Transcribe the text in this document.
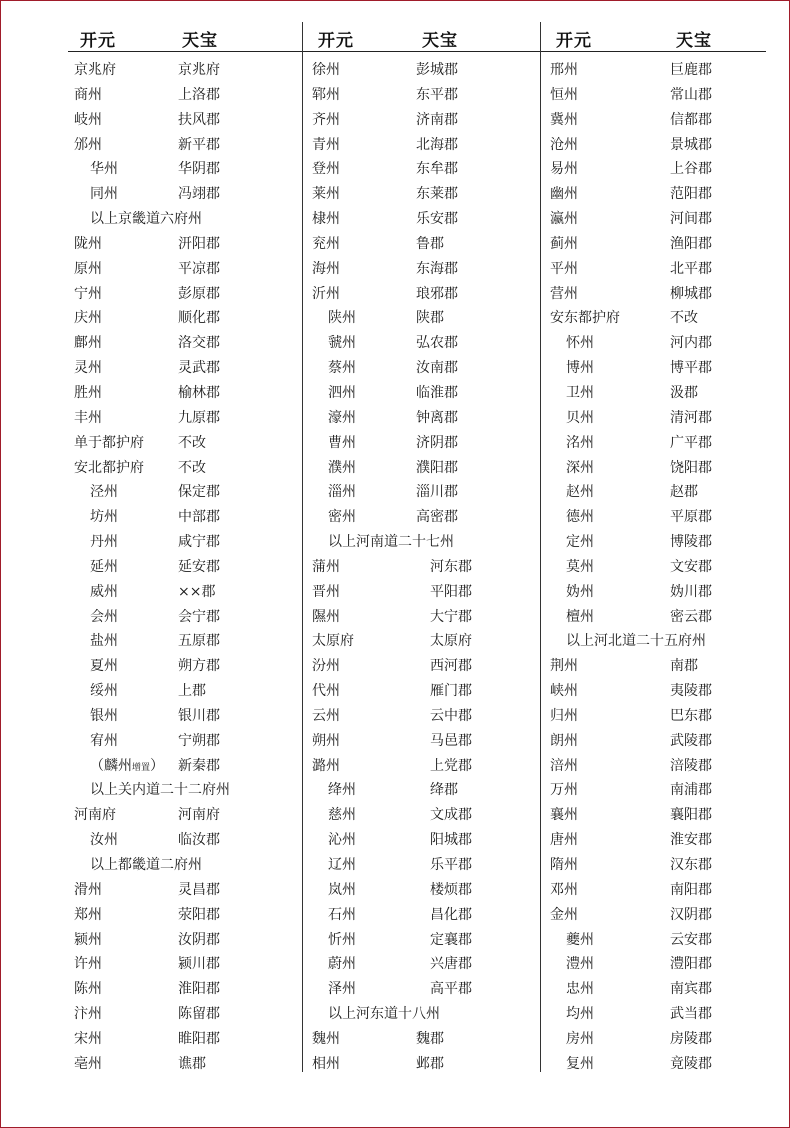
开元	天宝	开元	天宝	开元	天宝
京兆府	京兆府
商州	上洛郡
岐州	扶风郡
邠州	新平郡
华州	华阴郡
同州	冯翊郡
以上京畿道六府州
陇州	汧阳郡
原州	平凉郡
宁州	彭原郡
庆州	顺化郡
鄜州	洛交郡
灵州	灵武郡
胜州	榆林郡
丰州	九原郡
单于都护府 不改
安北都护府 不改
泾州	保定郡
坊州	中部郡
丹州	咸宁郡
延州	延安郡
威州	××郡
会州	会宁郡
盐州	五原郡
夏州	朔方郡
绥州	上郡
银州	银川郡
宥州	宁朔郡
（麟州增置） 新秦郡
以上关内道二十二府州
河南府	河南府
汝州	临汝郡
以上都畿道二府州
滑州	灵昌郡
郑州	荥阳郡
颍州	汝阴郡
许州	颍川郡
陈州	淮阳郡
汴州	陈留郡
宋州	睢阳郡
亳州	谯郡
徐州	彭城郡
郓州	东平郡
齐州	济南郡
青州	北海郡
登州	东牟郡
莱州	东莱郡
棣州	乐安郡
兖州	鲁郡
海州	东海郡
沂州	琅邪郡
陕州	陕郡
虢州	弘农郡
蔡州	汝南郡
泗州	临淮郡
濠州	钟离郡
曹州	济阴郡
濮州	濮阳郡
淄州	淄川郡
密州	高密郡
以上河南道二十七州
蒲州	河东郡
晋州	平阳郡
隰州	大宁郡
太原府	太原府
汾州	西河郡
代州	雁门郡
云州	云中郡
朔州	马邑郡
潞州	上党郡
绛州	绛郡
慈州	文成郡
沁州	阳城郡
辽州	乐平郡
岚州	楼烦郡
石州	昌化郡
忻州	定襄郡
蔚州	兴唐郡
泽州	高平郡
以上河东道十八州
魏州	魏郡
相州	邺郡
邢州	巨鹿郡
恒州	常山郡
冀州	信都郡
沧州	景城郡
易州	上谷郡
幽州	范阳郡
瀛州	河间郡
蓟州	渔阳郡
平州	北平郡
营州	柳城郡
安东都护府	不改
怀州	河内郡
博州	博平郡
卫州	汲郡
贝州	清河郡
洺州	广平郡
深州	饶阳郡
赵州	赵郡
德州	平原郡
定州	博陵郡
莫州	文安郡
妫州	妫川郡
檀州	密云郡
以上河北道二十五府州
荆州	南郡
峡州	夷陵郡
归州	巴东郡
朗州	武陵郡
涪州	涪陵郡
万州	南浦郡
襄州	襄阳郡
唐州	淮安郡
隋州	汉东郡
邓州	南阳郡
金州	汉阴郡
夔州	云安郡
澧州	澧阳郡
忠州	南宾郡
均州	武当郡
房州	房陵郡
复州	竟陵郡
